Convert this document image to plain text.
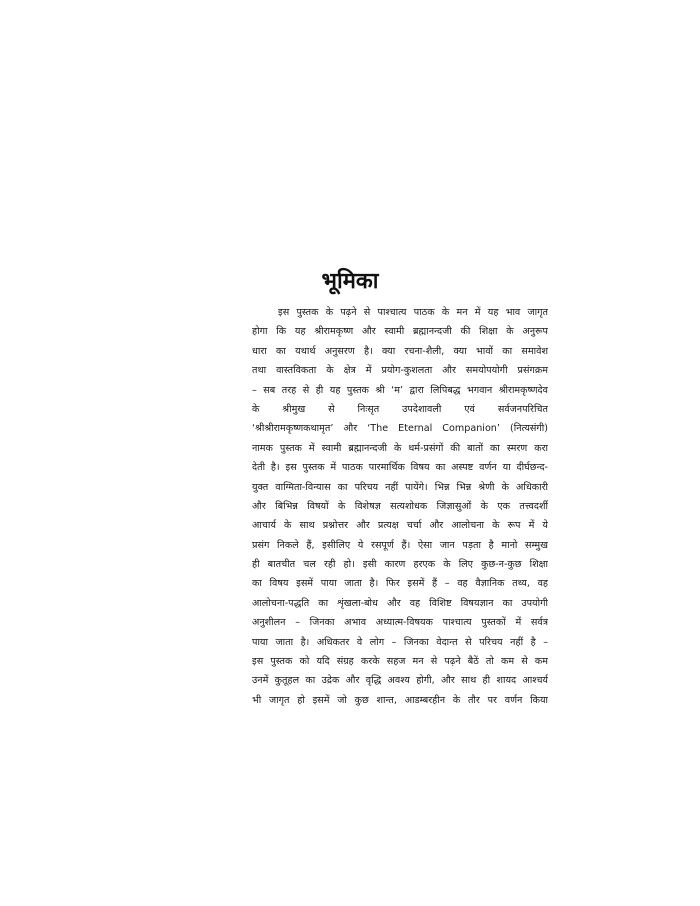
भूमिका
इस पुस्तक के पढ़ने से पाश्चात्य पाठक के मन में यह भाव जागृत
होगा कि यह श्रीरामकृष्ण और स्वामी ब्रह्मानन्दजी की शिक्षा के अनुरूप
धारा का यथार्थ अनुसरण है। क्या रचना-शैली, क्या भावों का समावेश
तथा वास्तविकता के क्षेत्र में प्रयोग-कुशलता और समयोपयोगी प्रसंगक्रम
– सब तरह से ही यह पुस्तक श्री ‘म’ द्वारा लिपिबद्ध भगवान श्रीरामकृष्णदेव
के श्रीमुख से निःसृत उपदेशावली एवं सर्वजनपरिचित
‘श्रीश्रीरामकृष्णकथामृत’ और ‘The Eternal Companion’ (नित्यसंगी)
नामक पुस्तक में स्वामी ब्रह्मानन्दजी के धर्म-प्रसंगों की बातों का स्मरण करा
देती है। इस पुस्तक में पाठक पारमार्थिक विषय का अस्पष्ट वर्णन या दीर्घछन्द-
युक्त वाग्मिता-विन्यास का परिचय नहीं पायेंगे। भिन्न भिन्न श्रेणी के अधिकारी
और बिभिन्न विषयों के विशेषज्ञ सत्यशोधक जिज्ञासुओं के एक तत्त्वदर्शी
आचार्य के साथ प्रश्नोत्तर और प्रत्यक्ष चर्चा और आलोचना के रूप में ये
प्रसंग निकले हैं, इसीलिए ये रसपूर्ण हैं। ऐसा जान पड़ता है मानो सम्मुख
ही बातचीत चल रही हो। इसी कारण हरएक के लिए कुछ-न-कुछ शिक्षा
का विषय इसमें पाया जाता है। फिर इसमें हैं – वह वैज्ञानिक तथ्य, वह
आलोचना-पद्धति का शृंखला-बोध और वह विशिष्ट विषयज्ञान का उपयोगी
अनुशीलन – जिनका अभाव अध्यात्म-विषयक पाश्चात्य पुस्तकों में सर्वत्र
पाया जाता है। अधिकतर वे लोग – जिनका वेदान्त से परिचय नहीं है –
इस पुस्तक को यदि संग्रह करके सहज मन से पढ़ने बैठें तो कम से कम
उनमें कुतूहल का उद्रेक और वृद्धि अवश्य होगी, और साथ ही शायद आश्चर्य
भी जागृत हो इसमें जो कुछ शान्त, आडम्बरहीन के तौर पर वर्णन किया
